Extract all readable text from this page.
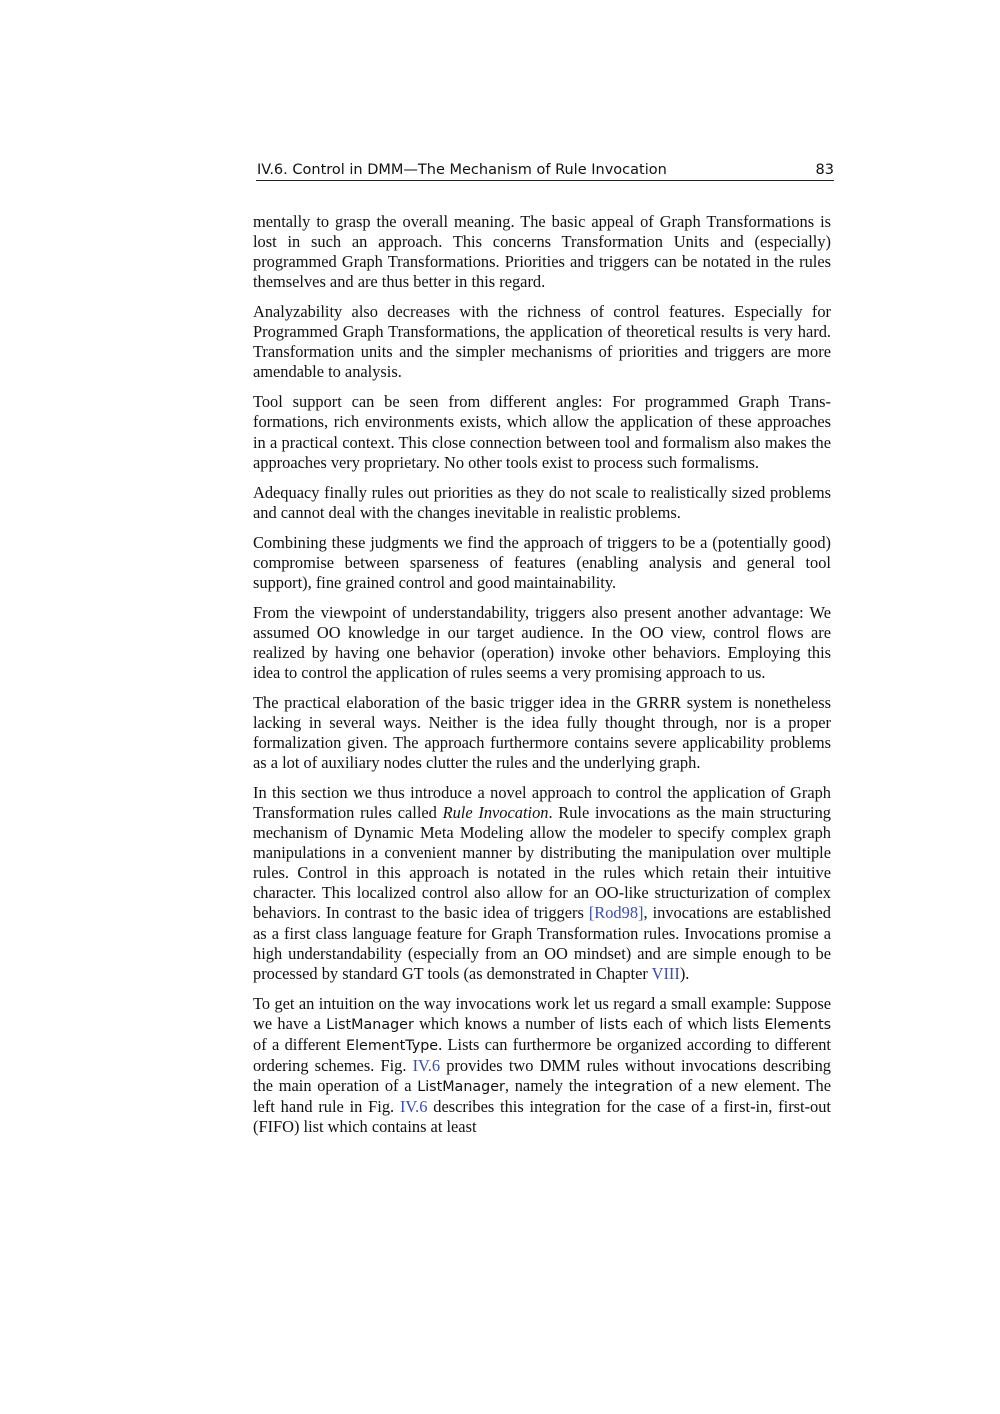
IV.6. Control in DMM—The Mechanism of Rule Invocation	83

mentally to grasp the overall meaning. The basic appeal of Graph Transformations is lost in such an approach. This concerns Transformation Units and (especially) programmed Graph Transformations. Priorities and triggers can be notated in the rules themselves and are thus better in this regard.

Analyzability also decreases with the richness of control features. Especially for Programmed Graph Transformations, the application of theoretical results is very hard. Transformation units and the simpler mechanisms of priorities and triggers are more amendable to analysis.

Tool support can be seen from different angles: For programmed Graph Transformations, rich environments exists, which allow the application of these approaches in a practical context. This close connection between tool and formalism also makes the approaches very proprietary. No other tools exist to process such formalisms.

Adequacy finally rules out priorities as they do not scale to realistically sized problems and cannot deal with the changes inevitable in realistic problems.

Combining these judgments we find the approach of triggers to be a (potentially good) compromise between sparseness of features (enabling analysis and general tool support), fine grained control and good maintainability.

From the viewpoint of understandability, triggers also present another advantage: We assumed OO knowledge in our target audience. In the OO view, control flows are realized by having one behavior (operation) invoke other behaviors. Employing this idea to control the application of rules seems a very promising approach to us.

The practical elaboration of the basic trigger idea in the GRRR system is nonetheless lacking in several ways. Neither is the idea fully thought through, nor is a proper formalization given. The approach furthermore contains severe applicability problems as a lot of auxiliary nodes clutter the rules and the underlying graph.

In this section we thus introduce a novel approach to control the application of Graph Transformation rules called Rule Invocation. Rule invocations as the main structuring mechanism of Dynamic Meta Modeling allow the modeler to specify complex graph manipulations in a convenient manner by distributing the manipulation over multiple rules. Control in this approach is notated in the rules which retain their intuitive character. This localized control also allow for an OO-like structurization of complex behaviors. In contrast to the basic idea of triggers [Rod98], invocations are established as a first class language feature for Graph Transformation rules. Invocations promise a high understandability (especially from an OO mindset) and are simple enough to be processed by standard GT tools (as demonstrated in Chapter VIII).

To get an intuition on the way invocations work let us regard a small example: Suppose we have a ListManager which knows a number of lists each of which lists Elements of a different ElementType. Lists can furthermore be organized according to different ordering schemes. Fig. IV.6 provides two DMM rules without invocations describing the main operation of a ListManager, namely the integration of a new element. The left hand rule in Fig. IV.6 describes this integration for the case of a first-in, first-out (FIFO) list which contains at least
